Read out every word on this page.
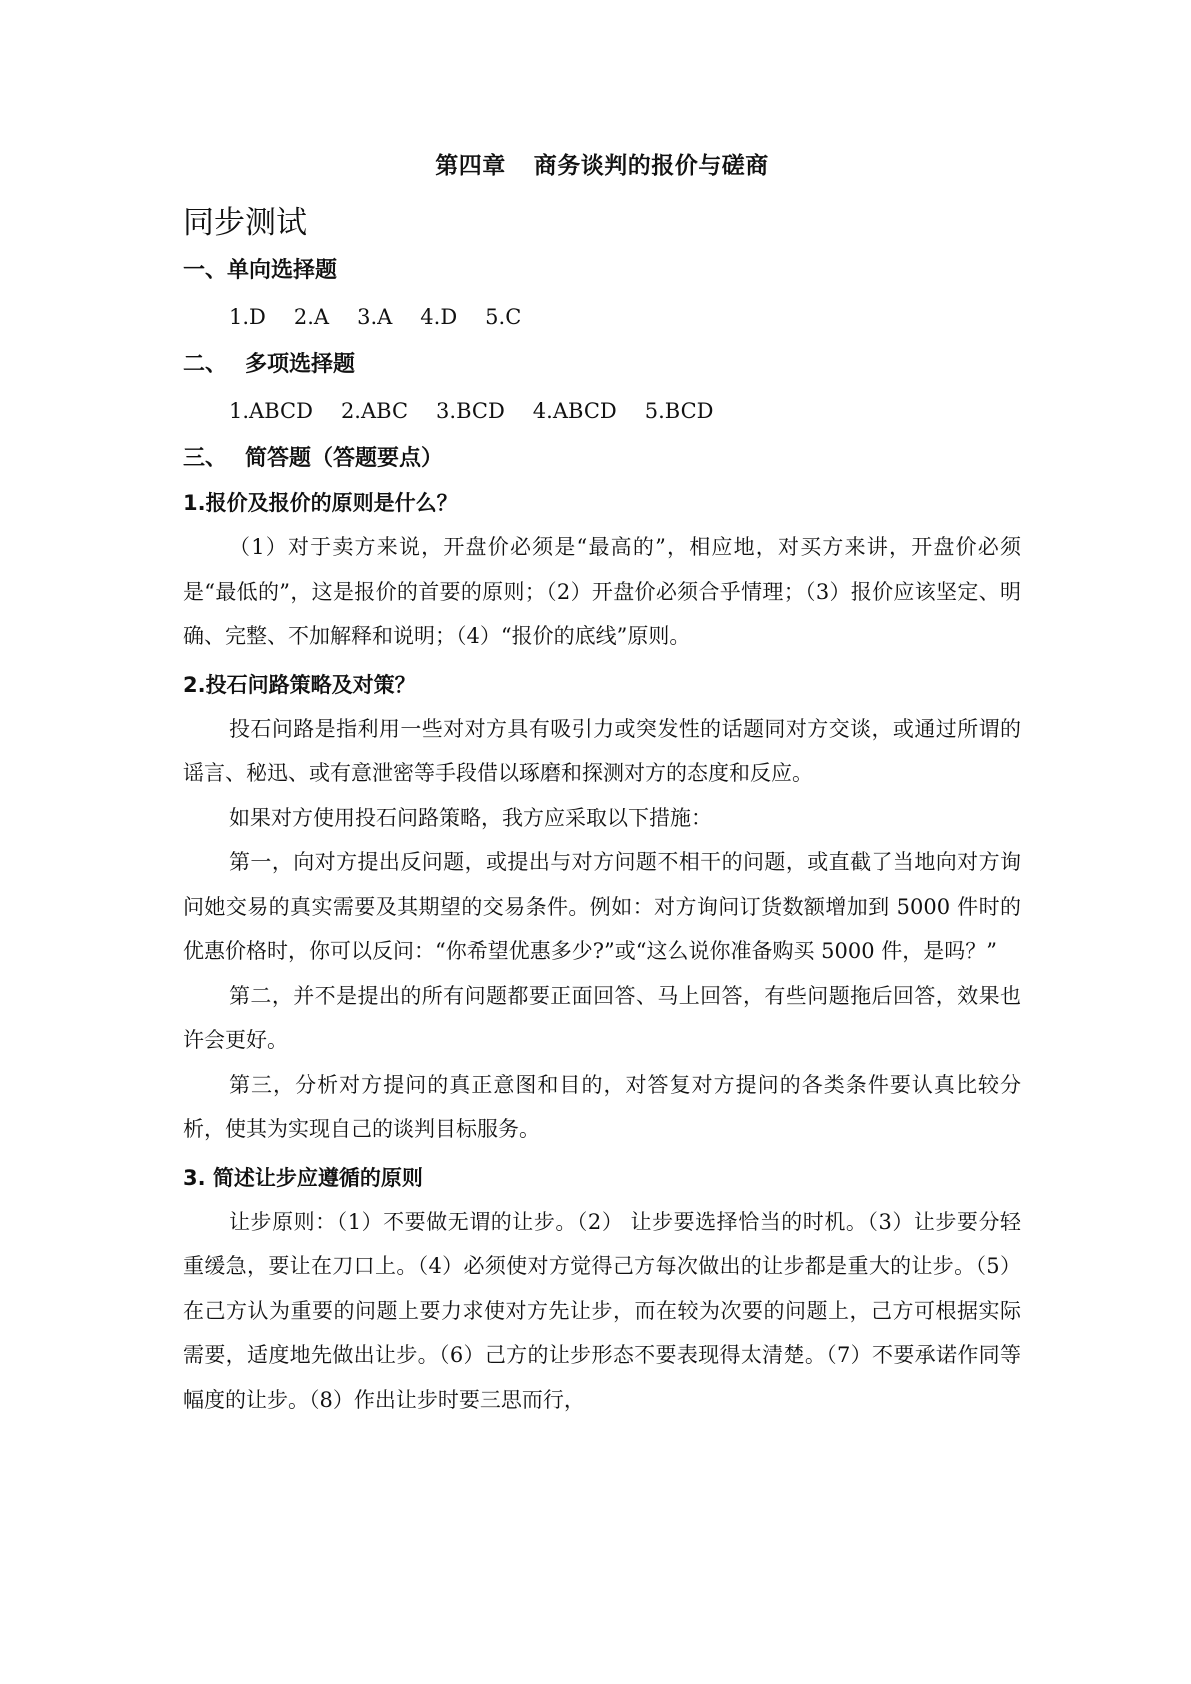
第四章 商务谈判的报价与磋商
同步测试
一、单向选择题
1.D 2.A 3.A 4.D 5.C
二、 多项选择题
1.ABCD 2.ABC 3.BCD 4.ABCD 5.BCD
三、 简答题（答题要点）
1.报价及报价的原则是什么？

（1）对于卖方来说，开盘价必须是“最高的”，相应地，对买方来讲，开盘价必须是“最低的”，这是报价的首要的原则；（2）开盘价必须合乎情理；（3）报价应该坚定、明确、完整、不加解释和说明；（4）“报价的底线”原则。

2.投石问路策略及对策？

投石问路是指利用一些对对方具有吸引力或突发性的话题同对方交谈，或通过所谓的谣言、秘迅、或有意泄密等手段借以琢磨和探测对方的态度和反应。

如果对方使用投石问路策略，我方应采取以下措施：

第一，向对方提出反问题，或提出与对方问题不相干的问题，或直截了当地向对方询问她交易的真实需要及其期望的交易条件。例如：对方询问订货数额增加到 5000 件时的优惠价格时，你可以反问：“你希望优惠多少?”或“这么说你准备购买 5000 件，是吗？”

第二，并不是提出的所有问题都要正面回答、马上回答，有些问题拖后回答，效果也许会更好。

第三，分析对方提问的真正意图和目的，对答复对方提问的各类条件要认真比较分析，使其为实现自己的谈判目标服务。

3. 简述让步应遵循的原则

让步原则：（1）不要做无谓的让步。（2） 让步要选择恰当的时机。（3）让步要分轻重缓急，要让在刀口上。（4）必须使对方觉得己方每次做出的让步都是重大的让步。（5）在己方认为重要的问题上要力求使对方先让步，而在较为次要的问题上，己方可根据实际需要，适度地先做出让步。（6）己方的让步形态不要表现得太清楚。（7）不要承诺作同等幅度的让步。（8）作出让步时要三思而行，
